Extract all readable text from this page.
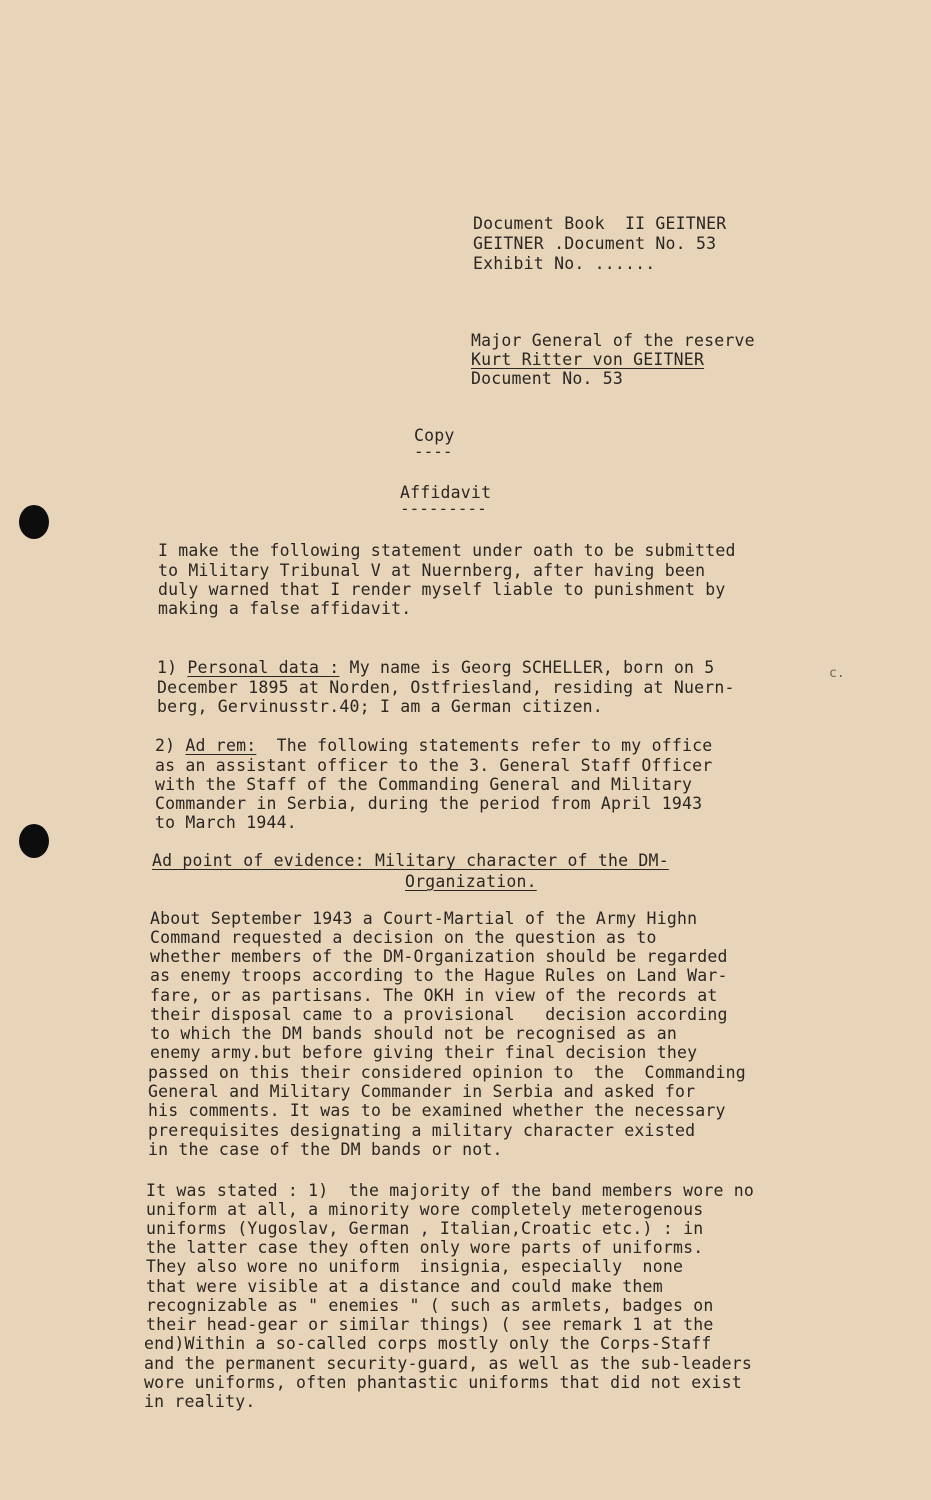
Document Book  II GEITNER
GEITNER .Document No. 53
Exhibit No. ......
Major General of the reserve
Kurt Ritter von GEITNER
Document No. 53
Copy
----
Affidavit
---------
I make the following statement under oath to be submitted
to Military Tribunal V at Nuernberg, after having been
duly warned that I render myself liable to punishment by
making a false affidavit.
1) Personal data : My name is Georg SCHELLER, born on 5
December 1895 at Norden, Ostfriesland, residing at Nuern-
berg, Gervinusstr.40; I am a German citizen.
c.
2) Ad rem:  The following statements refer to my office
as an assistant officer to the 3. General Staff Officer
with the Staff of the Commanding General and Military
Commander in Serbia, during the period from April 1943
to March 1944.
Ad point of evidence: Military character of the DM-
Organization.
About September 1943 a Court-Martial of the Army Highn
Command requested a decision on the question as to
whether members of the DM-Organization should be regarded
as enemy troops according to the Hague Rules on Land War-
fare, or as partisans. The OKH in view of the records at
their disposal came to a provisional   decision according
to which the DM bands should not be recognised as an
enemy army.but before giving their final decision they
passed on this their considered opinion to  the  Commanding
General and Military Commander in Serbia and asked for
his comments. It was to be examined whether the necessary
prerequisites designating a military character existed
in the case of the DM bands or not.
It was stated : 1)  the majority of the band members wore no
uniform at all, a minority wore completely meterogenous
uniforms (Yugoslav, German , Italian,Croatic etc.) : in
the latter case they often only wore parts of uniforms.
They also wore no uniform  insignia, especially  none
that were visible at a distance and could make them
recognizable as " enemies " ( such as armlets, badges on
their head-gear or similar things) ( see remark 1 at the
end)Within a so-called corps mostly only the Corps-Staff
and the permanent security-guard, as well as the sub-leaders
wore uniforms, often phantastic uniforms that did not exist
in reality.
